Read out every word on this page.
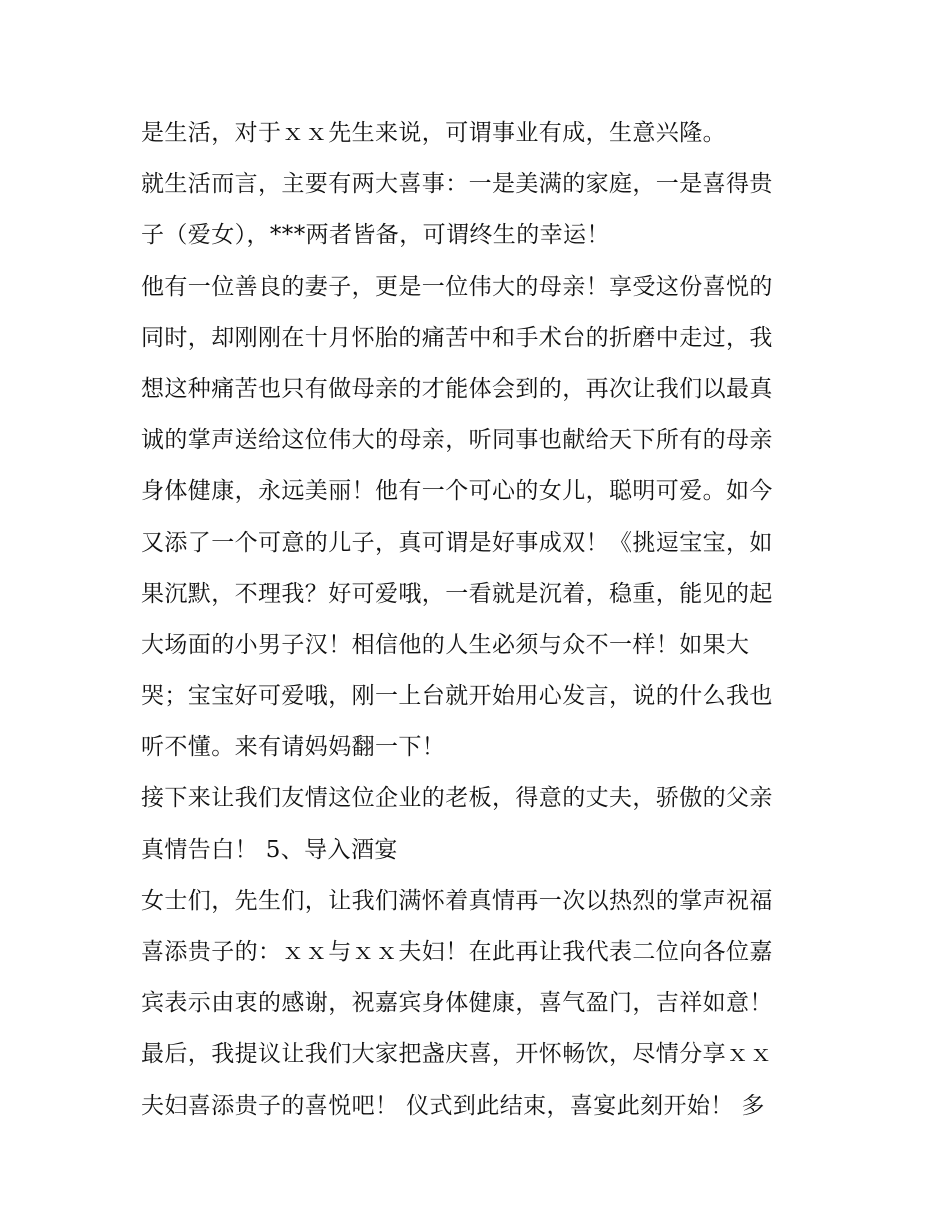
是生活，对于ｘｘ先生来说，可谓事业有成，生意兴隆。
就生活而言，主要有两大喜事：一是美满的家庭，一是喜得贵
子（爱女），***两者皆备，可谓终生的幸运！
他有一位善良的妻子，更是一位伟大的母亲！享受这份喜悦的
同时，却刚刚在十月怀胎的痛苦中和手术台的折磨中走过，我
想这种痛苦也只有做母亲的才能体会到的，再次让我们以最真
诚的掌声送给这位伟大的母亲，听同事也献给天下所有的母亲
身体健康，永远美丽！他有一个可心的女儿，聪明可爱。如今
又添了一个可意的儿子，真可谓是好事成双！《挑逗宝宝，如
果沉默，不理我？好可爱哦，一看就是沉着，稳重，能见的起
大场面的小男子汉！相信他的人生必须与众不一样！如果大
哭；宝宝好可爱哦，刚一上台就开始用心发言，说的什么我也
听不懂。来有请妈妈翻一下！
接下来让我们友情这位企业的老板，得意的丈夫，骄傲的父亲
真情告白！ 5、导入酒宴
女士们，先生们，让我们满怀着真情再一次以热烈的掌声祝福
喜添贵子的：ｘｘ与ｘｘ夫妇！在此再让我代表二位向各位嘉
宾表示由衷的感谢，祝嘉宾身体健康，喜气盈门，吉祥如意！
最后，我提议让我们大家把盏庆喜，开怀畅饮，尽情分享ｘｘ
夫妇喜添贵子的喜悦吧！ 仪式到此结束，喜宴此刻开始！ 多
